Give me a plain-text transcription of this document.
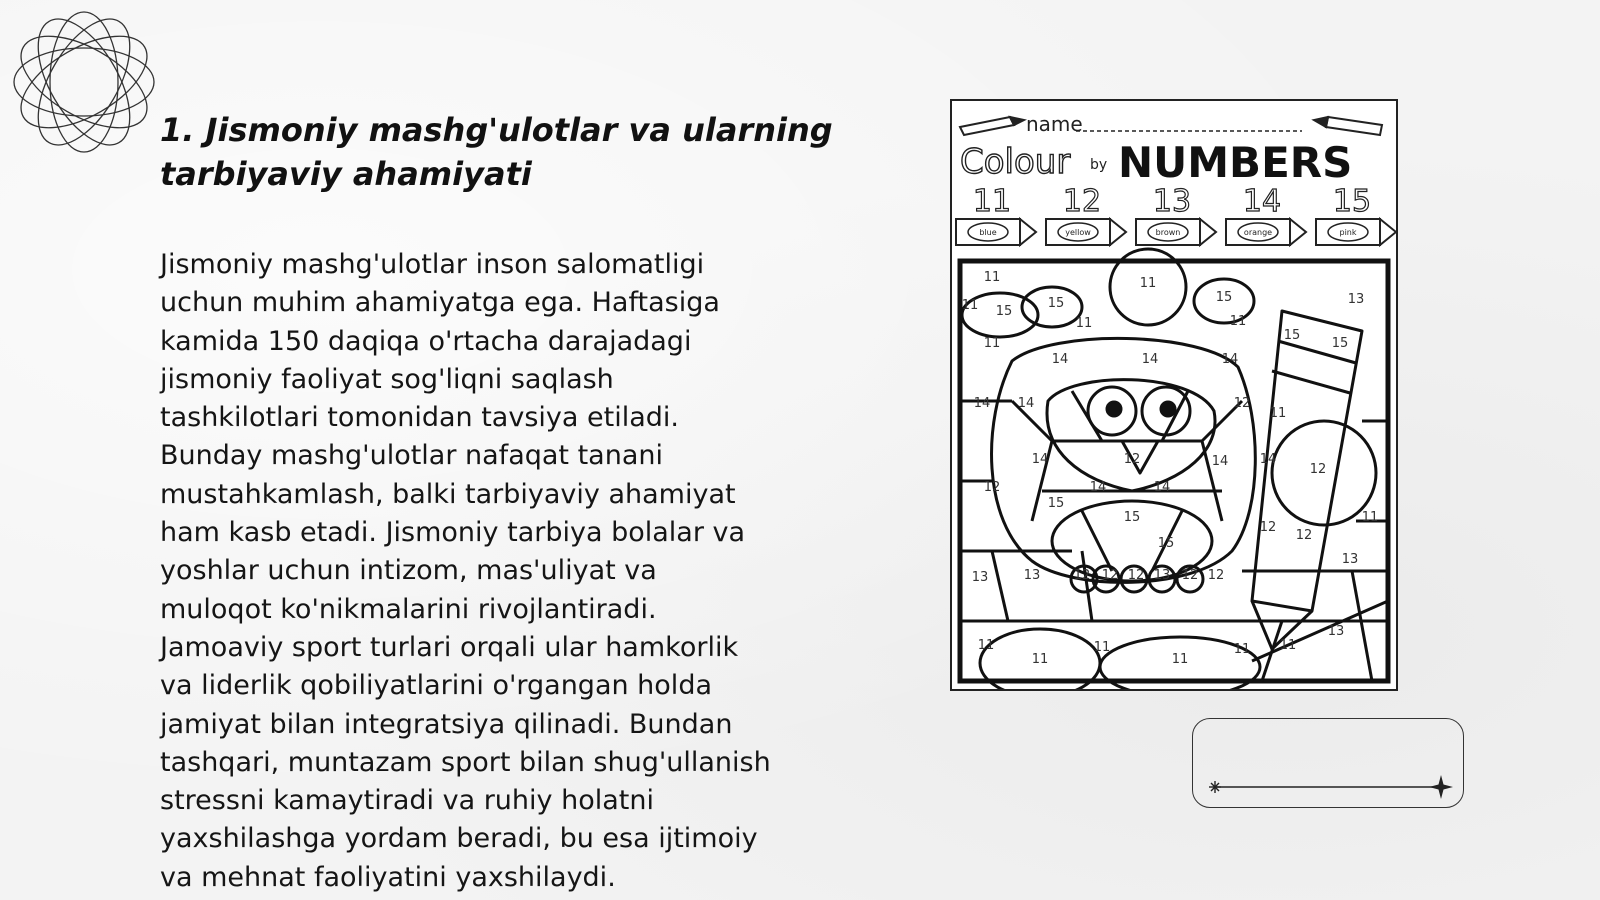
1. Jismoniy mashg'ulotlar va ularning
tarbiyaviy ahamiyati
Jismoniy mashg'ulotlar inson salomatligi
uchun muhim ahamiyatga ega. Haftasiga
kamida 150 daqiqa o'rtacha darajadagi
jismoniy faoliyat sog'liqni saqlash
tashkilotlari tomonidan tavsiya etiladi.
Bunday mashg'ulotlar nafaqat tanani
mustahkamlash, balki tarbiyaviy ahamiyat
ham kasb etadi. Jismoniy tarbiya bolalar va
yoshlar uchun intizom, mas'uliyat va
muloqot ko'nikmalarini rivojlantiradi.
Jamoaviy sport turlari orqali ular hamkorlik
va liderlik qobiliyatlarini o'rgangan holda
jamiyat bilan integratsiya qilinadi. Bundan
tashqari, muntazam sport bilan shug'ullanish
stressni kamaytiradi va ruhiy holatni
yaxshilashga yordam beradi, bu esa ijtimoiy
va mehnat faoliyatini yaxshilaydi.
name
Colour by NUMBERS
11
blue
12
yellow
13
brown
14
orange
15
pink
11
15
15
11
15
11
15
15
11
14	14	14
14 14	12
11
14	14
12
12
12	14	14
14
15
15
15
12
12
12
13	13	12 12	13 12 12
13
13
11
11
11
11
11 11
11
11
13
11
